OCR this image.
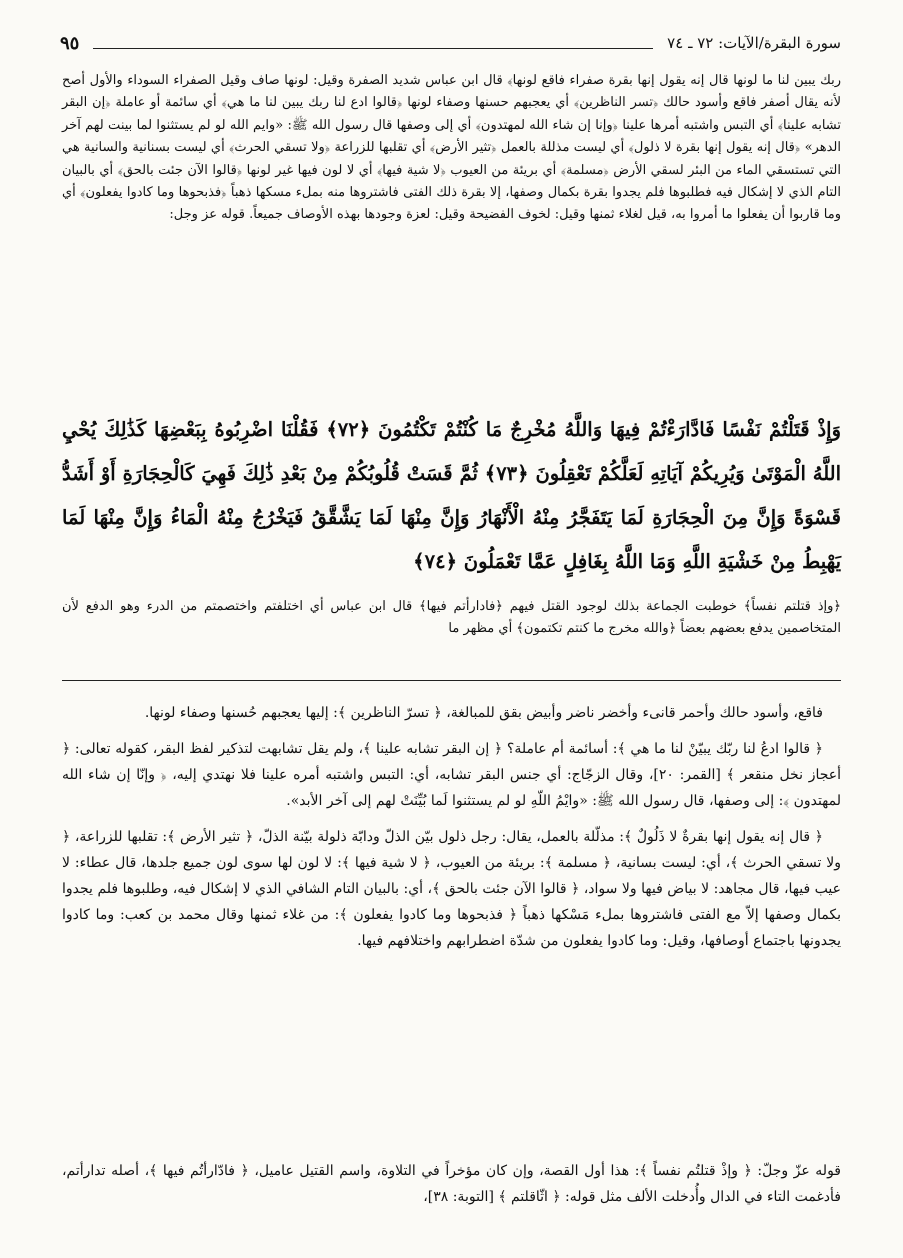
سورة البقرة/الآيات: ٧٢ ـ ٧٤
٩٥
ربك يبين لنا ما لونها قال إنه يقول إنها بقرة صفراء فاقع لونها﴾ قال ابن عباس شديد الصفرة وقيل: لونها صاف وقيل الصفراء السوداء والأول أصح لأنه يقال أصفر فاقع وأسود حالك ﴿تسر الناظرين﴾ أي يعجبهم حسنها وصفاء لونها ﴿قالوا ادع لنا ربك يبين لنا ما هي﴾ أي سائمة أو عاملة ﴿إن البقر تشابه علينا﴾ أي التبس واشتبه أمرها علينا ﴿وإنا إن شاء الله لمهتدون﴾ أي إلى وصفها قال رسول الله ﷺ: «وايم الله لو لم يستثنوا لما بينت لهم آخر الدهر» ﴿قال إنه يقول إنها بقرة لا ذلول﴾ أي ليست مذللة بالعمل ﴿تثير الأرض﴾ أي تقلبها للزراعة ﴿ولا تسقي الحرث﴾ أي ليست بسنانية والسانية هي التي تستسقي الماء من البئر لسقي الأرض ﴿مسلمة﴾ أي بريئة من العيوب ﴿لا شية فيها﴾ أي لا لون فيها غير لونها ﴿قالوا الآن جئت بالحق﴾ أي بالبيان التام الذي لا إشكال فيه فطلبوها فلم يجدوا بقرة بكمال وصفها، إلا بقرة ذلك الفتى فاشتروها منه بملء مسكها ذهباً ﴿فذبحوها وما كادوا يفعلون﴾ أي وما قاربوا أن يفعلوا ما أمروا به، قيل لغلاء ثمنها وقيل: لخوف الفضيحة وقيل: لعزة وجودها بهذه الأوصاف جميعاً. قوله عز وجل:
وَإِذْ قَتَلْتُمْ نَفْسًا فَادَّارَءْتُمْ فِيهَا وَاللَّهُ مُخْرِجٌ مَا كُنْتُمْ تَكْتُمُونَ ﴿٧٢﴾ فَقُلْنَا اضْرِبُوهُ بِبَعْضِهَا كَذَٰلِكَ يُحْيِ اللَّهُ الْمَوْتَىٰ وَيُرِيكُمْ آيَاتِهِ لَعَلَّكُمْ تَعْقِلُونَ ﴿٧٣﴾ ثُمَّ قَسَتْ قُلُوبُكُمْ مِنْ بَعْدِ ذَٰلِكَ فَهِيَ كَالْحِجَارَةِ أَوْ أَشَدُّ قَسْوَةً وَإِنَّ مِنَ الْحِجَارَةِ لَمَا يَتَفَجَّرُ مِنْهُ الْأَنْهَارُ وَإِنَّ مِنْهَا لَمَا يَشَّقَّقُ فَيَخْرُجُ مِنْهُ الْمَاءُ وَإِنَّ مِنْهَا لَمَا يَهْبِطُ مِنْ خَشْيَةِ اللَّهِ وَمَا اللَّهُ بِغَافِلٍ عَمَّا تَعْمَلُونَ ﴿٧٤﴾
﴿وإذ قتلتم نفساً﴾ خوطبت الجماعة بذلك لوجود القتل فيهم ﴿فادارأتم فيها﴾ قال ابن عباس أي اختلفتم واختصمتم من الدرء وهو الدفع لأن المتخاصمين يدفع بعضهم بعضاً ﴿والله مخرج ما كنتم تكتمون﴾ أي مظهر ما

فاقع، وأسود حالك وأحمر قانىء وأخضر ناضر وأبيض بقق للمبالغة، ﴿ تسرّ الناظرين ﴾: إليها يعجبهم حُسنها وصفاء لونها.

﴿ قالوا ادعُ لنا ربّك يبيّنْ لنا ما هي ﴾: أسائمة أم عاملة؟ ﴿ إن البقر تشابه علينا ﴾، ولم يقل تشابهت لتذكير لفظ البقر، كقوله تعالى: ﴿ أعجاز نخل منقعر ﴾ [القمر: ٢٠]، وقال الزجّاج: أي جنس البقر تشابه، أي: التبس واشتبه أمره علينا فلا نهتدي إليه، ﴿ وإنّا إن شاء الله لمهتدون ﴾: إلى وصفها، قال رسول الله ﷺ: «وايْمُ اللّهِ لو لم يستثنوا لَما بُيِّنَتْ لهم إلى آخر الأبد».

﴿ قال إنه يقول إنها بقرةٌ لا ذَلُولٌ ﴾: مذلّلة بالعمل، يقال: رجل ذلول بيّن الذلّ ودابّة ذلولة بيّنة الذلّ، ﴿ تثير الأرض ﴾: تقلبها للزراعة، ﴿ ولا تسقي الحرث ﴾، أي: ليست بسانية، ﴿ مسلمة ﴾: بريئة من العيوب، ﴿ لا شية فيها ﴾: لا لون لها سوى لون جميع جلدها، قال عطاء: لا عيب فيها، قال مجاهد: لا بياض فيها ولا سواد، ﴿ قالوا الآن جئت بالحق ﴾، أي: بالبيان التام الشافي الذي لا إشكال فيه، وطلبوها فلم يجدوا بكمال وصفها إلاّ مع الفتى فاشتروها بملء مَسْكها ذهباً ﴿ فذبحوها وما كادوا يفعلون ﴾: من غلاء ثمنها وقال محمد بن كعب: وما كادوا يجدونها باجتماع أوصافها، وقيل: وما كادوا يفعلون من شدّة اضطرابهم واختلافهم فيها.

قوله عزّ وجلّ: ﴿ وإذْ قتلتُم نفساً ﴾: هذا أول القصة، وإن كان مؤخراً في التلاوة، واسم القتيل عاميل، ﴿ فادّارأتُم فيها ﴾، أصله تدارأتم، فأدغمت التاء في الدال وأُدخلت الألف مثل قوله: ﴿ اثّاقلتم ﴾ [التوبة: ٣٨]،
